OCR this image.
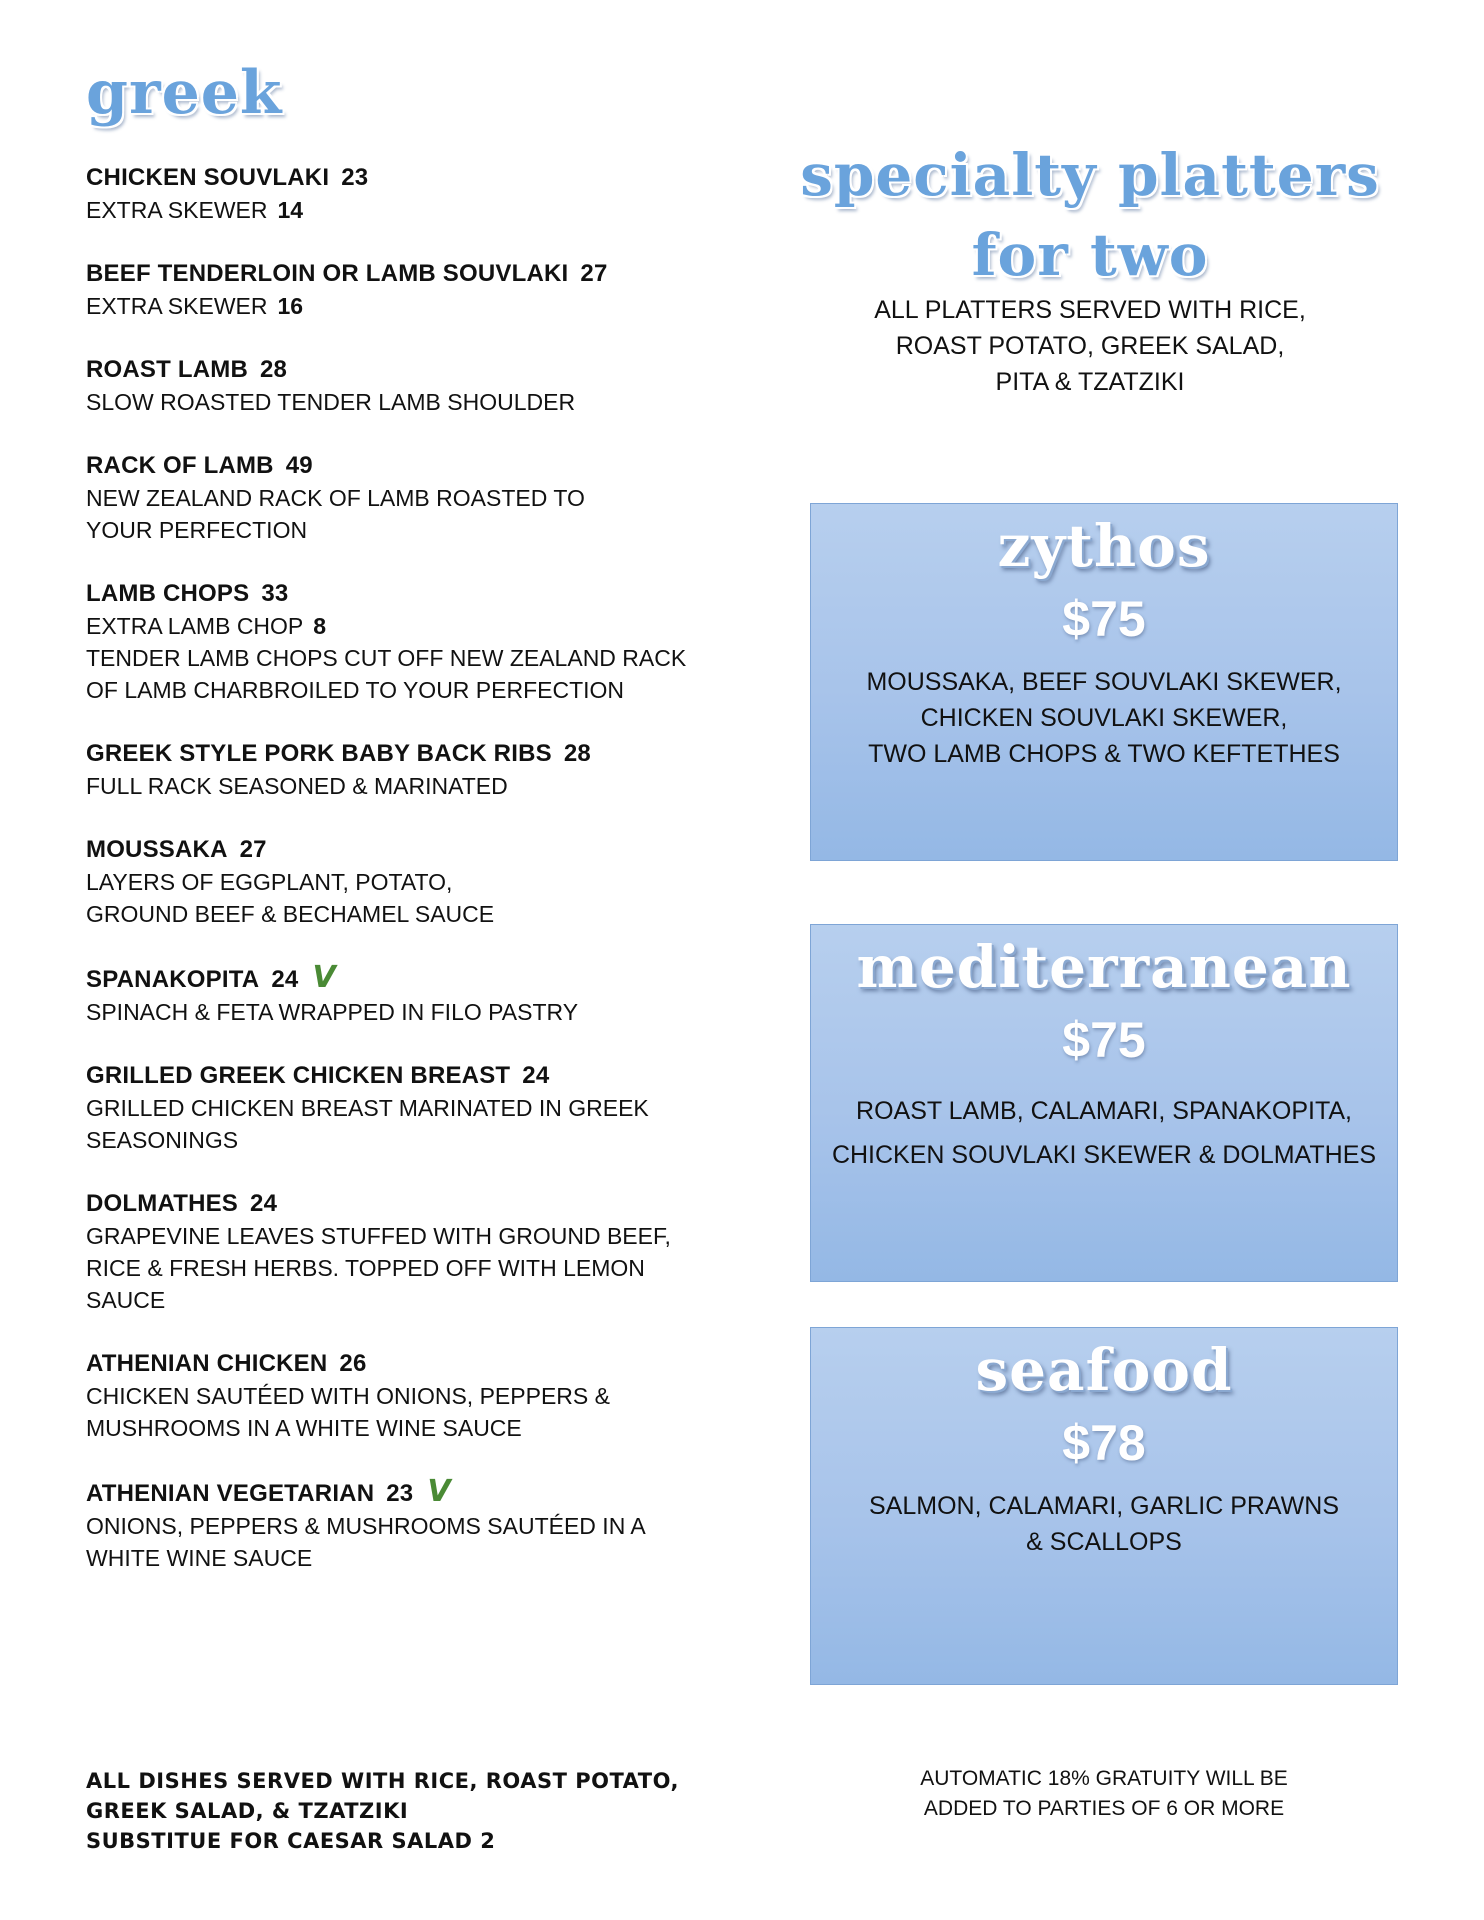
greek
CHICKEN SOUVLAKI 23
EXTRA SKEWER 14
BEEF TENDERLOIN OR LAMB SOUVLAKI 27
EXTRA SKEWER 16
ROAST LAMB 28
SLOW ROASTED TENDER LAMB SHOULDER
RACK OF LAMB 49
NEW ZEALAND RACK OF LAMB ROASTED TO
YOUR PERFECTION
LAMB CHOPS 33
EXTRA LAMB CHOP 8
TENDER LAMB CHOPS CUT OFF NEW ZEALAND RACK
OF LAMB CHARBROILED TO YOUR PERFECTION
GREEK STYLE PORK BABY BACK RIBS 28
FULL RACK SEASONED & MARINATED
MOUSSAKA 27
LAYERS OF EGGPLANT, POTATO,
GROUND BEEF & BECHAMEL SAUCE
SPANAKOPITA 24 V
SPINACH & FETA WRAPPED IN FILO PASTRY
GRILLED GREEK CHICKEN BREAST 24
GRILLED CHICKEN BREAST MARINATED IN GREEK
SEASONINGS
DOLMATHES 24
GRAPEVINE LEAVES STUFFED WITH GROUND BEEF,
RICE & FRESH HERBS. TOPPED OFF WITH LEMON
SAUCE
ATHENIAN CHICKEN 26
CHICKEN SAUTÉED WITH ONIONS, PEPPERS &
MUSHROOMS IN A WHITE WINE SAUCE
ATHENIAN VEGETARIAN 23 V
ONIONS, PEPPERS & MUSHROOMS SAUTÉED IN A
WHITE WINE SAUCE
ALL DISHES SERVED WITH RICE, ROAST POTATO,
GREEK SALAD, & TZATZIKI
SUBSTITUE FOR CAESAR SALAD 2
specialty platters
for two
ALL PLATTERS SERVED WITH RICE,
ROAST POTATO, GREEK SALAD,
PITA & TZATZIKI
zythos
$75
MOUSSAKA, BEEF SOUVLAKI SKEWER,
CHICKEN SOUVLAKI SKEWER,
TWO LAMB CHOPS & TWO KEFTETHES
mediterranean
$75
ROAST LAMB, CALAMARI, SPANAKOPITA,
CHICKEN SOUVLAKI SKEWER & DOLMATHES
seafood
$78
SALMON, CALAMARI, GARLIC PRAWNS
& SCALLOPS
AUTOMATIC 18% GRATUITY WILL BE
ADDED TO PARTIES OF 6 OR MORE
